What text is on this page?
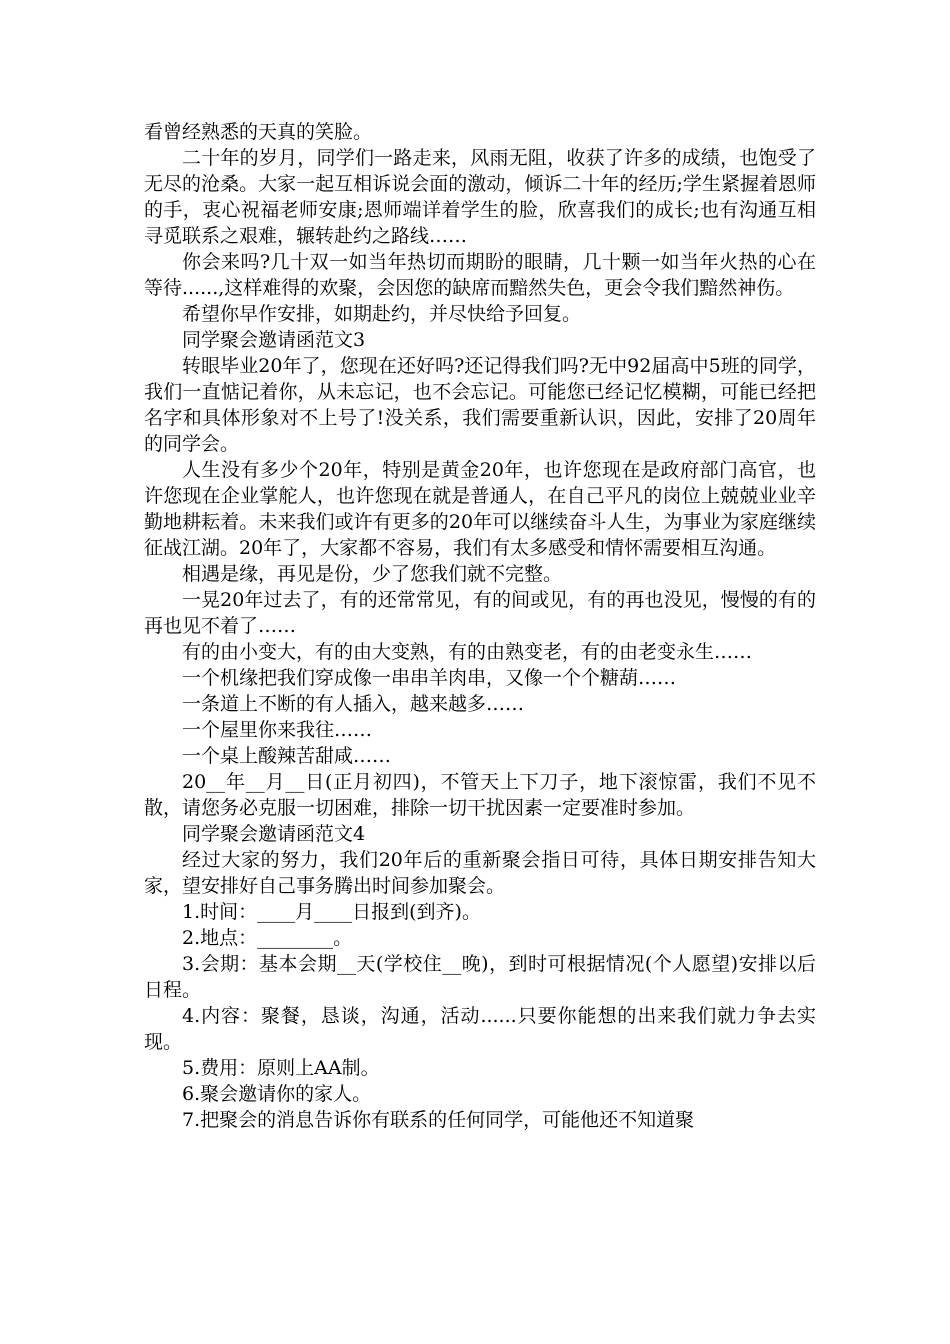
看曾经熟悉的天真的笑脸。

二十年的岁月，同学们一路走来，风雨无阻，收获了许多的成绩，也饱受了无尽的沧桑。大家一起互相诉说会面的激动，倾诉二十年的经历;学生紧握着恩师的手，衷心祝福老师安康;恩师端详着学生的脸，欣喜我们的成长;也有沟通互相寻觅联系之艰难，辗转赴约之路线……

你会来吗?几十双一如当年热切而期盼的眼睛，几十颗一如当年火热的心在等待......,这样难得的欢聚，会因您的缺席而黯然失色，更会令我们黯然神伤。

希望你早作安排，如期赴约，并尽快给予回复。

同学聚会邀请函范文3

转眼毕业20年了，您现在还好吗?还记得我们吗?无中92届高中5班的同学，我们一直惦记着你，从未忘记，也不会忘记。可能您已经记忆模糊，可能已经把名字和具体形象对不上号了!没关系，我们需要重新认识，因此，安排了20周年的同学会。

人生没有多少个20年，特别是黄金20年，也许您现在是政府部门高官，也许您现在企业掌舵人，也许您现在就是普通人，在自己平凡的岗位上兢兢业业辛勤地耕耘着。未来我们或许有更多的20年可以继续奋斗人生，为事业为家庭继续征战江湖。20年了，大家都不容易，我们有太多感受和情怀需要相互沟通。

相遇是缘，再见是份，少了您我们就不完整。

一晃20年过去了，有的还常常见，有的间或见，有的再也没见，慢慢的有的再也见不着了……

有的由小变大，有的由大变熟，有的由熟变老，有的由老变永生……

一个机缘把我们穿成像一串串羊肉串，又像一个个糖葫……

一条道上不断的有人插入，越来越多……

一个屋里你来我往……

一个桌上酸辣苦甜咸……

20__年__月__日(正月初四)，不管天上下刀子，地下滚惊雷，我们不见不散，请您务必克服一切困难，排除一切干扰因素一定要准时参加。

同学聚会邀请函范文4

经过大家的努力，我们20年后的重新聚会指日可待，具体日期安排告知大家，望安排好自己事务腾出时间参加聚会。

1.时间：____月____日报到(到齐)。

2.地点：________。

3.会期：基本会期__天(学校住__晚)，到时可根据情况(个人愿望)安排以后日程。

4.内容：聚餐，恳谈，沟通，活动......只要你能想的出来我们就力争去实现。

5.费用：原则上AA制。

6.聚会邀请你的家人。

7.把聚会的消息告诉你有联系的任何同学，可能他还不知道聚
